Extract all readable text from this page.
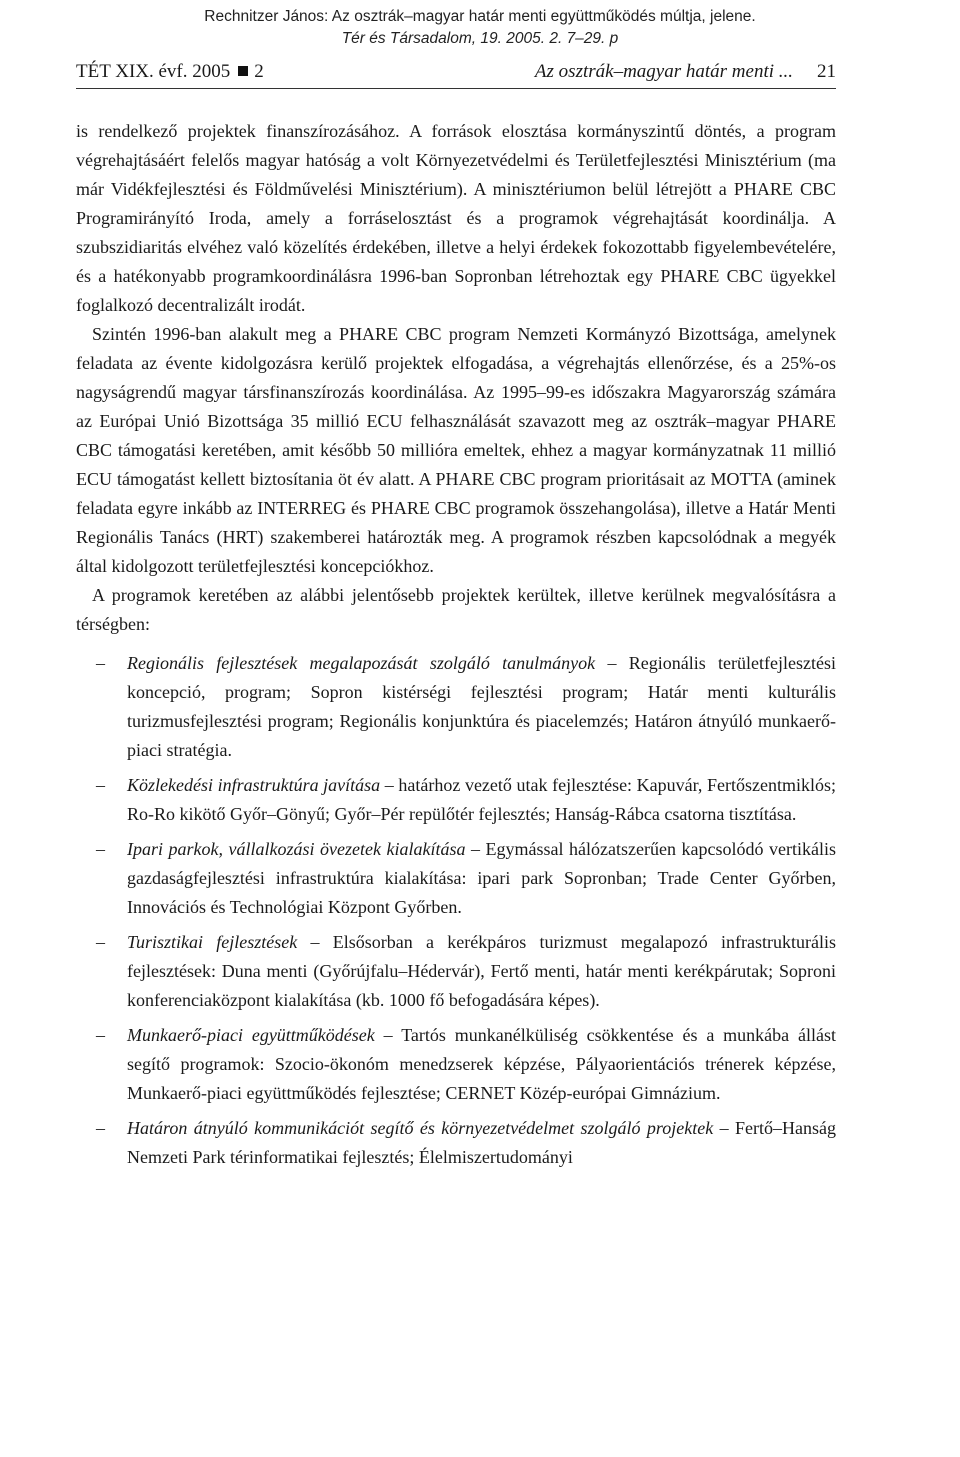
Rechnitzer János: Az osztrák–magyar határ menti együttműködés múltja, jelene.
Tér és Társadalom, 19. 2005. 2. 7–29. p
TÉT XIX. évf. 2005 2	Az osztrák–magyar határ menti ... 21

is rendelkező projektek finanszírozásához. A források elosztása kormányszintű döntés, a program végrehajtásáért felelős magyar hatóság a volt Környezetvédelmi és Területfejlesztési Minisztérium (ma már Vidékfejlesztési és Földművelési Minisztérium). A minisztériumon belül létrejött a PHARE CBC Programirányító Iroda, amely a forráselosztást és a programok végrehajtását koordinálja. A szubszidiaritás elvéhez való közelítés érdekében, illetve a helyi érdekek fokozottabb figyelembevételére, és a hatékonyabb programkoordinálásra 1996-ban Sopronban létrehoztak egy PHARE CBC ügyekkel foglalkozó decentralizált irodát.

Szintén 1996-ban alakult meg a PHARE CBC program Nemzeti Kormányzó Bizottsága, amelynek feladata az évente kidolgozásra kerülő projektek elfogadása, a végrehajtás ellenőrzése, és a 25%-os nagyságrendű magyar társfinanszírozás koordinálása. Az 1995–99-es időszakra Magyarország számára az Európai Unió Bizottsága 35 millió ECU felhasználását szavazott meg az osztrák–magyar PHARE CBC támogatási keretében, amit később 50 millióra emeltek, ehhez a magyar kormányzatnak 11 millió ECU támogatást kellett biztosítania öt év alatt. A PHARE CBC program prioritásait az MOTTA (aminek feladata egyre inkább az INTERREG és PHARE CBC programok összehangolása), illetve a Határ Menti Regionális Tanács (HRT) szakemberei határozták meg. A programok részben kapcsolódnak a megyék által kidolgozott területfejlesztési koncepciókhoz.

A programok keretében az alábbi jelentősebb projektek kerültek, illetve kerülnek megvalósításra a térségben:

– Regionális fejlesztések megalapozását szolgáló tanulmányok – Regionális területfejlesztési koncepció, program; Sopron kistérségi fejlesztési program; Határ menti kulturális turizmusfejlesztési program; Regionális konjunktúra és piacelemzés; Határon átnyúló munkaerő-piaci stratégia.
– Közlekedési infrastruktúra javítása – határhoz vezető utak fejlesztése: Kapuvár, Fertőszentmiklós; Ro-Ro kikötő Győr–Gönyű; Győr–Pér repülőtér fejlesztés; Hanság-Rábca csatorna tisztítása.
– Ipari parkok, vállalkozási övezetek kialakítása – Egymással hálózatszerűen kapcsolódó vertikális gazdaságfejlesztési infrastruktúra kialakítása: ipari park Sopronban; Trade Center Győrben, Innovációs és Technológiai Központ Győrben.
– Turisztikai fejlesztések – Elsősorban a kerékpáros turizmust megalapozó infrastrukturális fejlesztések: Duna menti (Győrújfalu–Hédervár), Fertő menti, határ menti kerékpárutak; Soproni konferenciaközpont kialakítása (kb. 1000 fő befogadására képes).
– Munkaerő-piaci együttműködések – Tartós munkanélküliség csökkentése és a munkába állást segítő programok: Szocio-ökonóm menedzserek képzése, Pályaorientációs trénerek képzése, Munkaerő-piaci együttműködés fejlesztése; CERNET Közép-európai Gimnázium.
– Határon átnyúló kommunikációt segítő és környezetvédelmet szolgáló projektek – Fertő–Hanság Nemzeti Park térinformatikai fejlesztés; Élelmiszertudományi
